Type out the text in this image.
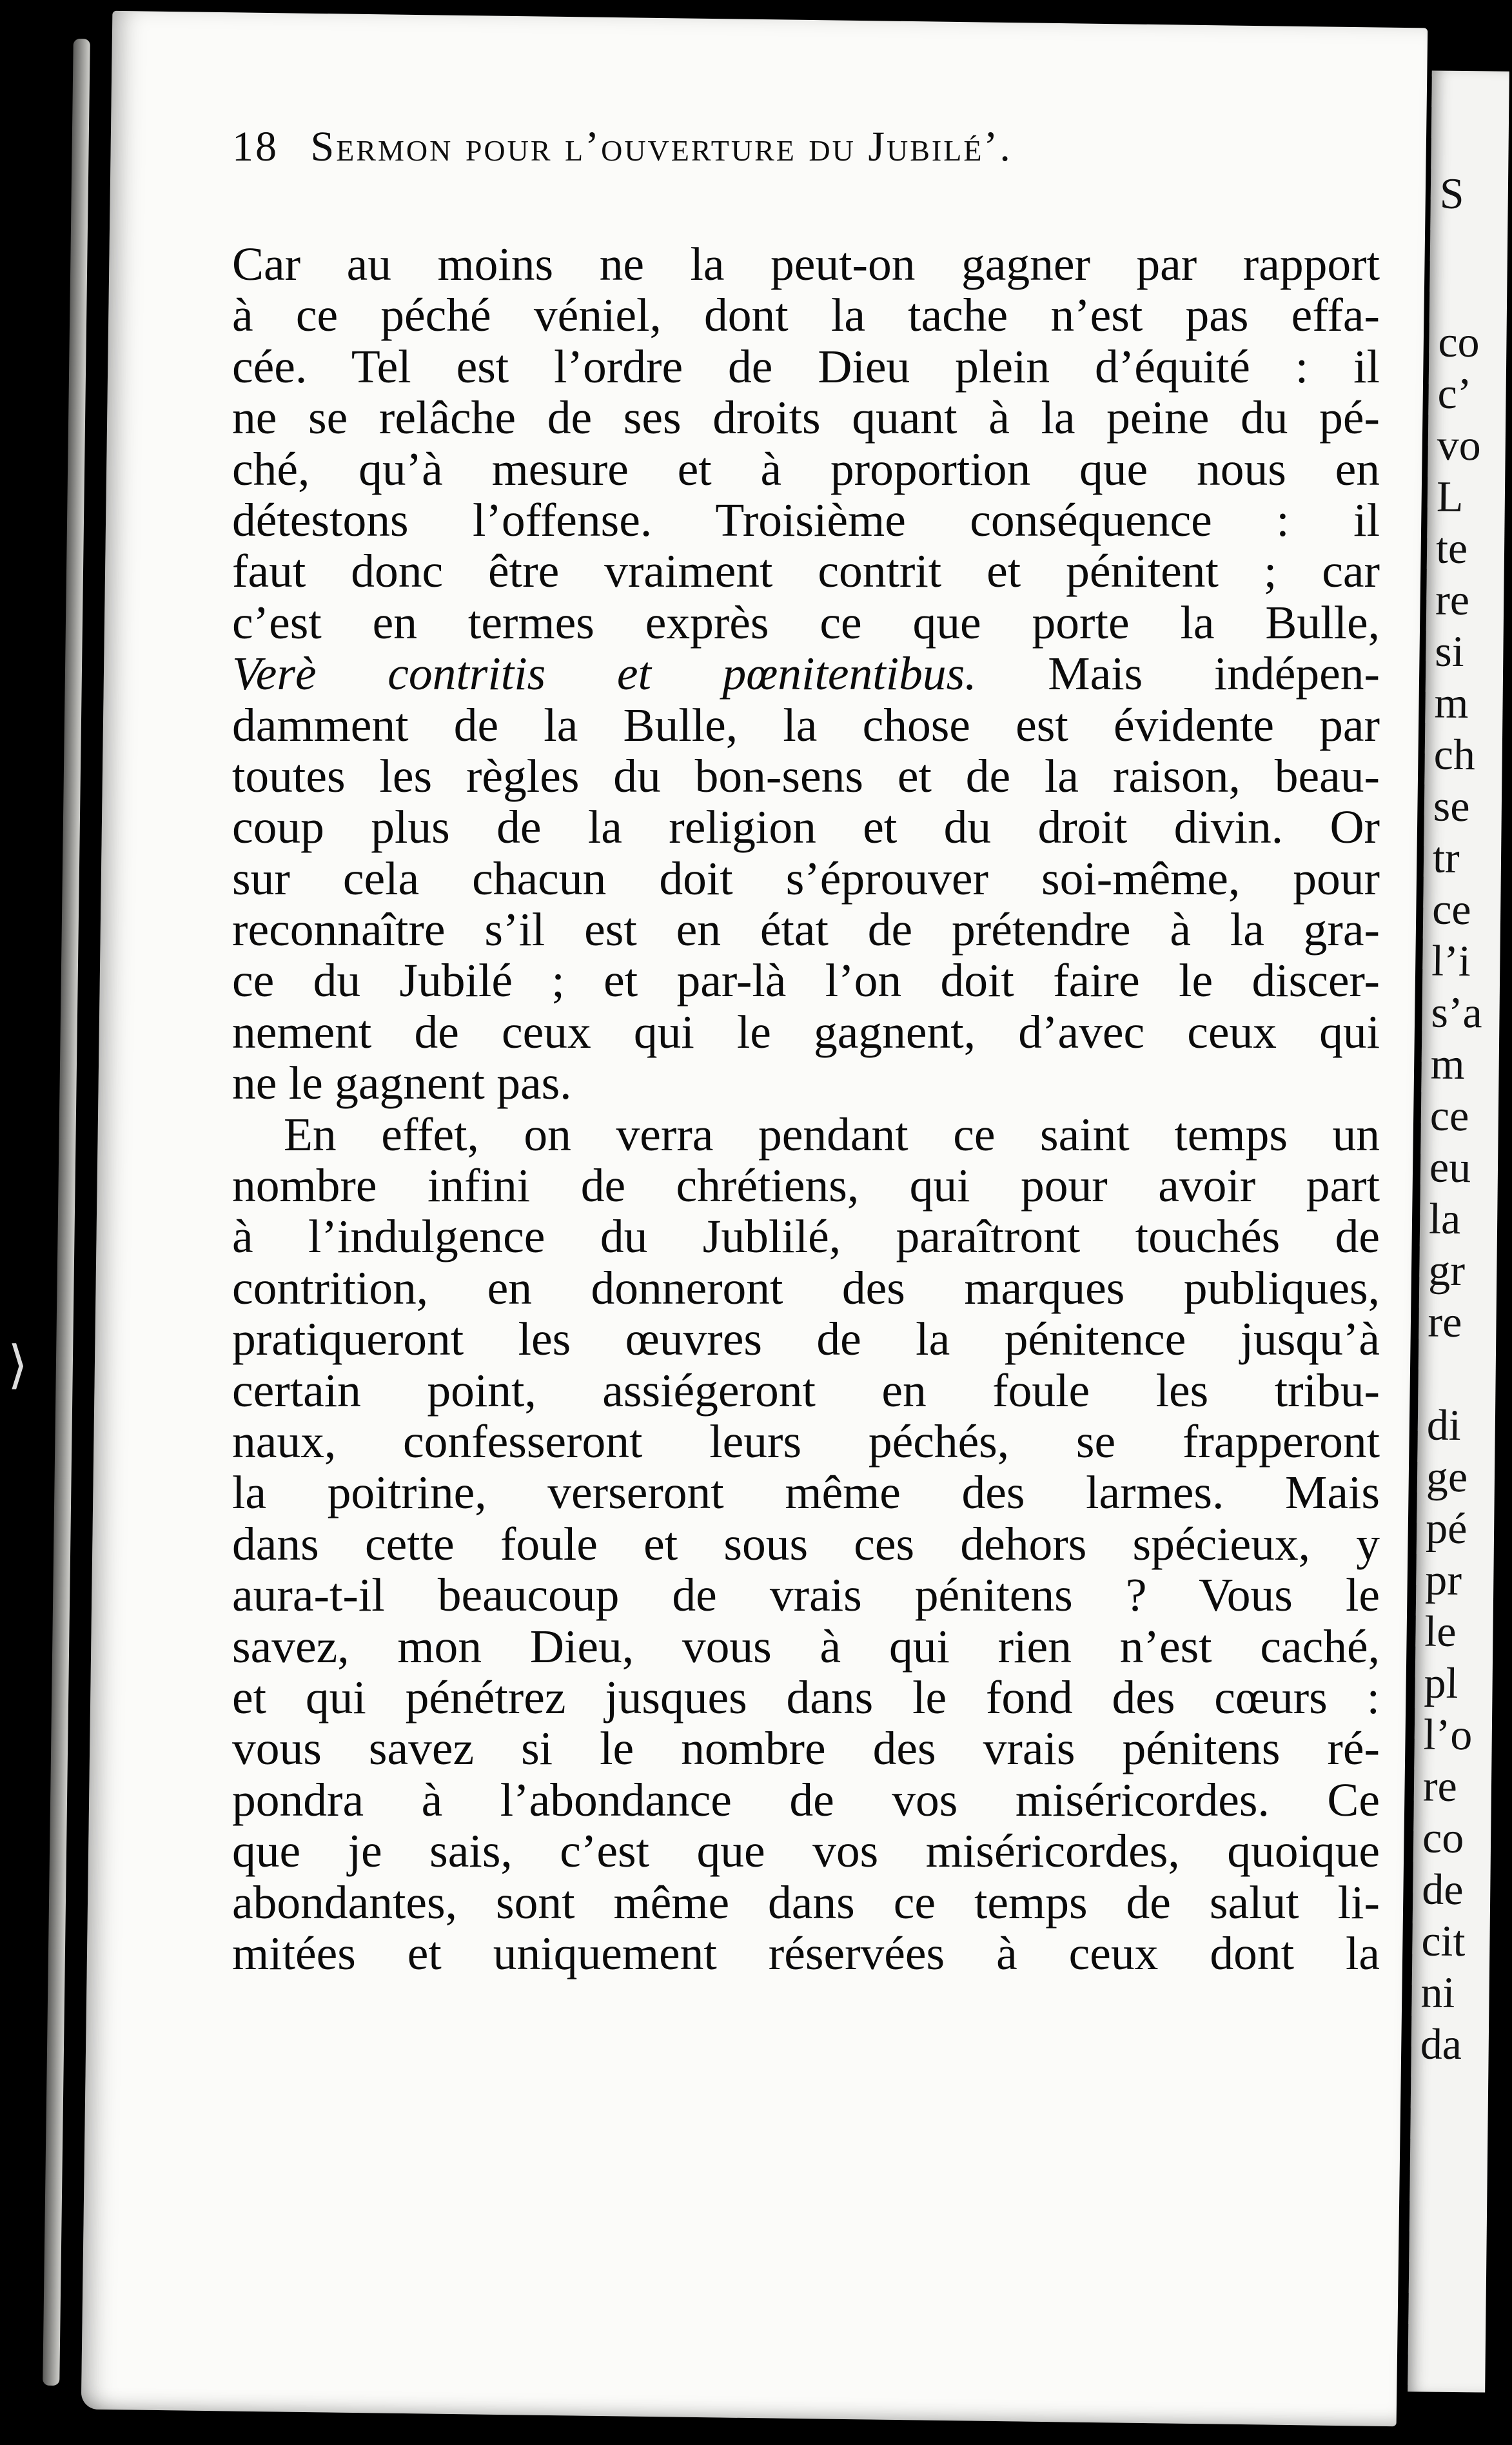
S
co
c’
vo
L
te
re
si
m
ch
se
tr
ce
l’i
s’a
m
ce
eu
la
gr
re
di
ge
pé
pr
le
pl
l’o
re
co
de
cit
ni
da
18 Sermon pour l’ouverture du Jubilé’.
Car au moins ne la peut-on gagner par rapport
à ce péché véniel, dont la tache n’est pas effa-
cée. Tel est l’ordre de Dieu plein d’équité : il
ne se relâche de ses droits quant à la peine du pé-
ché, qu’à mesure et à proportion que nous en
détestons l’offense. Troisième conséquence : il
faut donc être vraiment contrit et pénitent ; car
c’est en termes exprès ce que porte la Bulle,
Verè contritis et pœnitentibus. Mais indépen-
damment de la Bulle, la chose est évidente par
toutes les règles du bon-sens et de la raison, beau-
coup plus de la religion et du droit divin. Or
sur cela chacun doit s’éprouver soi-même, pour
reconnaître s’il est en état de prétendre à la gra-
ce du Jubilé ; et par-là l’on doit faire le discer-
nement de ceux qui le gagnent, d’avec ceux qui
ne le gagnent pas.
En effet, on verra pendant ce saint temps un
nombre infini de chrétiens, qui pour avoir part
à l’indulgence du Jublilé, paraîtront touchés de
contrition, en donneront des marques publiques,
pratiqueront les œuvres de la pénitence jusqu’à
certain point, assiégeront en foule les tribu-
naux, confesseront leurs péchés, se frapperont
la poitrine, verseront même des larmes. Mais
dans cette foule et sous ces dehors spécieux, y
aura-t-il beaucoup de vrais pénitens ? Vous le
savez, mon Dieu, vous à qui rien n’est caché,
et qui pénétrez jusques dans le fond des cœurs :
vous savez si le nombre des vrais pénitens ré-
pondra à l’abondance de vos miséricordes. Ce
que je sais, c’est que vos miséricordes, quoique
abondantes, sont même dans ce temps de salut li-
mitées et uniquement réservées à ceux dont la
⟩
